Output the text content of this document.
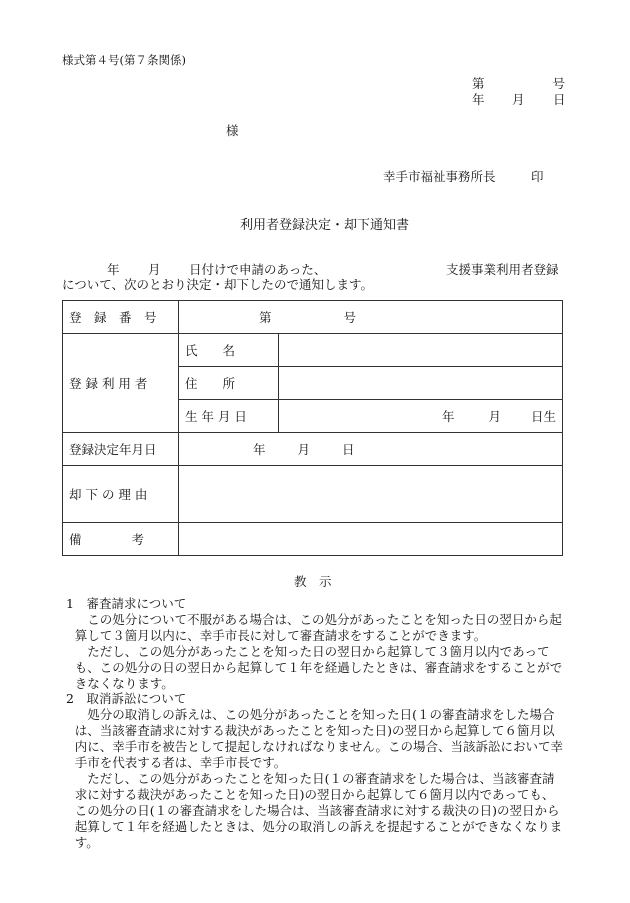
様式第４号(第７条関係)
第	号
年 月 日
様
幸手市福祉事務所長	印
利用者登録決定・却下通知書
年 月 日付けで申請のあった、	支援事業利用者登録
について、次のとおり決定・却下したので通知します。
登　録　番　号	第 号	
登 録 利 用 者	氏　　名	
	住　　所	
	生 年 月 日	年 月 日生
登録決定年月日	年 月 日	
却 下 の 理 由		
備　　　　考		
教　示

1　審査請求について

この処分について不服がある場合は、この処分があったことを知った日の翌日から起算して３箇月以内に、幸手市長に対して審査請求をすることができます。

ただし、この処分があったことを知った日の翌日から起算して３箇月以内であっても、この処分の日の翌日から起算して１年を経過したときは、審査請求をすることができなくなります。

2　取消訴訟について

処分の取消しの訴えは、この処分があったことを知った日(１の審査請求をした場合は、当該審査請求に対する裁決があったことを知った日)の翌日から起算して６箇月以内に、幸手市を被告として提起しなければなりません。この場合、当該訴訟において幸手市を代表する者は、幸手市長です。

ただし、この処分があったことを知った日(１の審査請求をした場合は、当該審査請求に対する裁決があったことを知った日)の翌日から起算して６箇月以内であっても、この処分の日(１の審査請求をした場合は、当該審査請求に対する裁決の日)の翌日から起算して１年を経過したときは、処分の取消しの訴えを提起することができなくなります。
